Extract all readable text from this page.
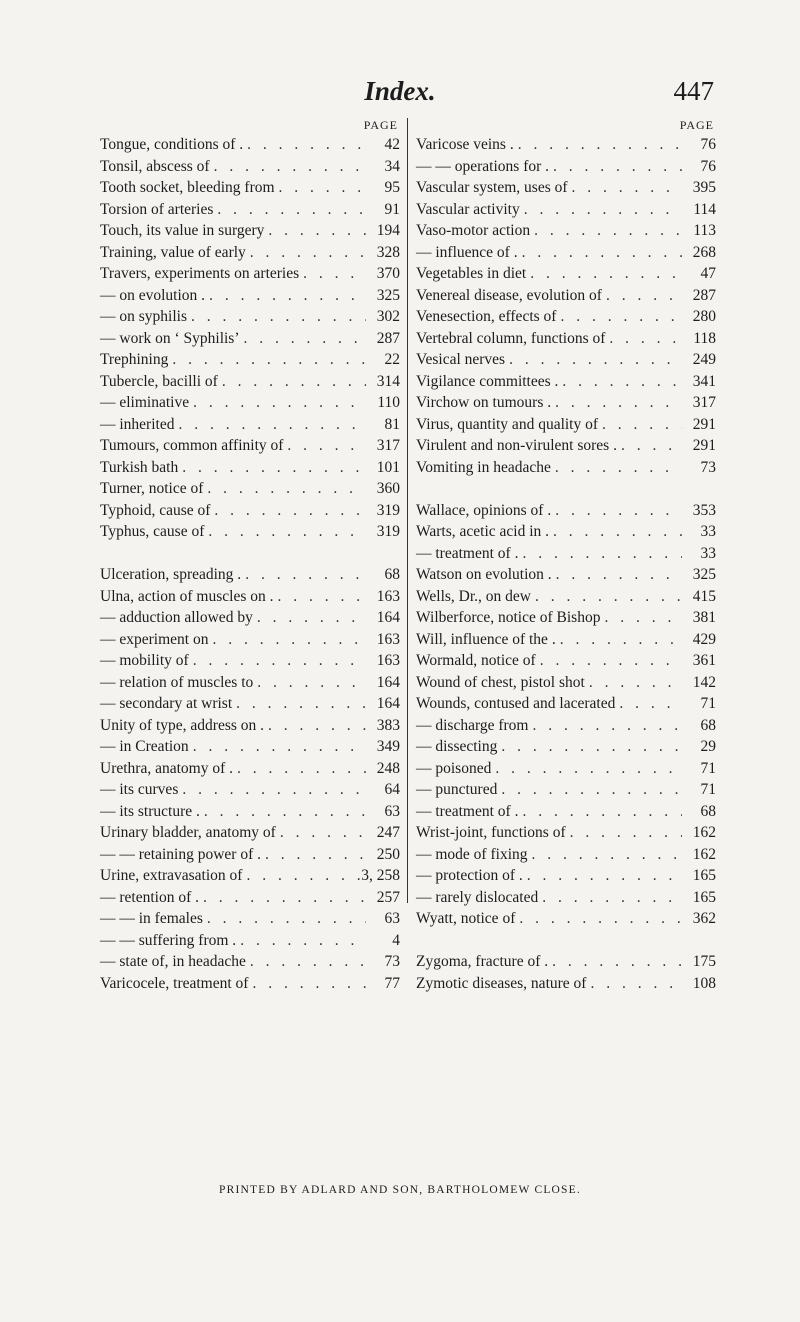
Index.	447
PAGE
Tongue, conditions of . . . .	42
Tonsil, abscess of . . .	34
Tooth socket, bleeding from . . .	95
Torsion of arteries . . .	91
Touch, its value in surgery . . .	194
Training, value of early . . .	328
Travers, experiments on arteries . . .	370
— on evolution . . . .	325
— on syphilis . . .	302
— work on ‘ Syphilis’ . . .	287
Trephining . . .	22
Tubercle, bacilli of . . .	314
— eliminative . . .	110
— inherited . . .	81
Tumours, common affinity of . . .	317
Turkish bath . . .	101
Turner, notice of . . .	360
Typhoid, cause of . . .	319
Typhus, cause of . . .	319
Ulceration, spreading . . . .	68
Ulna, action of muscles on . . . .	163
— adduction allowed by . . .	164
— experiment on . . .	163
— mobility of . . .	163
— relation of muscles to . . .	164
— secondary at wrist . . .	164
Unity of type, address on . . . .	383
— in Creation . . .	349
Urethra, anatomy of . . . .	248
— its curves . . .	64
— its structure . . . .	63
Urinary bladder, anatomy of . . .	247
— — retaining power of . . . .	250
Urine, extravasation of . . .	3, 258
— retention of . . . .	257
— — in females . . .	63
— — suffering from . . . .	4
— state of, in headache . . .	73
Varicocele, treatment of . . .	77
PAGE
Varicose veins . . . .	76
— — operations for . . . .	76
Vascular system, uses of . . .	395
Vascular activity . . .	114
Vaso-motor action . . .	113
— influence of . . . .	268
Vegetables in diet . . .	47
Venereal disease, evolution of . . .	287
Venesection, effects of . . .	280
Vertebral column, functions of . . .	118
Vesical nerves . . .	249
Vigilance committees . . . .	341
Virchow on tumours . . . .	317
Virus, quantity and quality of . . .	291
Virulent and non-virulent sores . . . .	291
Vomiting in headache . . .	73
Wallace, opinions of . . . .	353
Warts, acetic acid in . . . .	33
— treatment of . . . .	33
Watson on evolution . . . .	325
Wells, Dr., on dew . . .	415
Wilberforce, notice of Bishop . . .	381
Will, influence of the . . . .	429
Wormald, notice of . . .	361
Wound of chest, pistol shot . . .	142
Wounds, contused and lacerated . . .	71
— discharge from . . .	68
— dissecting . . .	29
— poisoned . . .	71
— punctured . . .	71
— treatment of . . . .	68
Wrist-joint, functions of . . .	162
— mode of fixing . . .	162
— protection of . . . .	165
— rarely dislocated . . .	165
Wyatt, notice of . . .	362
Zygoma, fracture of . . . .	175
Zymotic diseases, nature of . . .	108
PRINTED BY ADLARD AND SON, BARTHOLOMEW CLOSE.
